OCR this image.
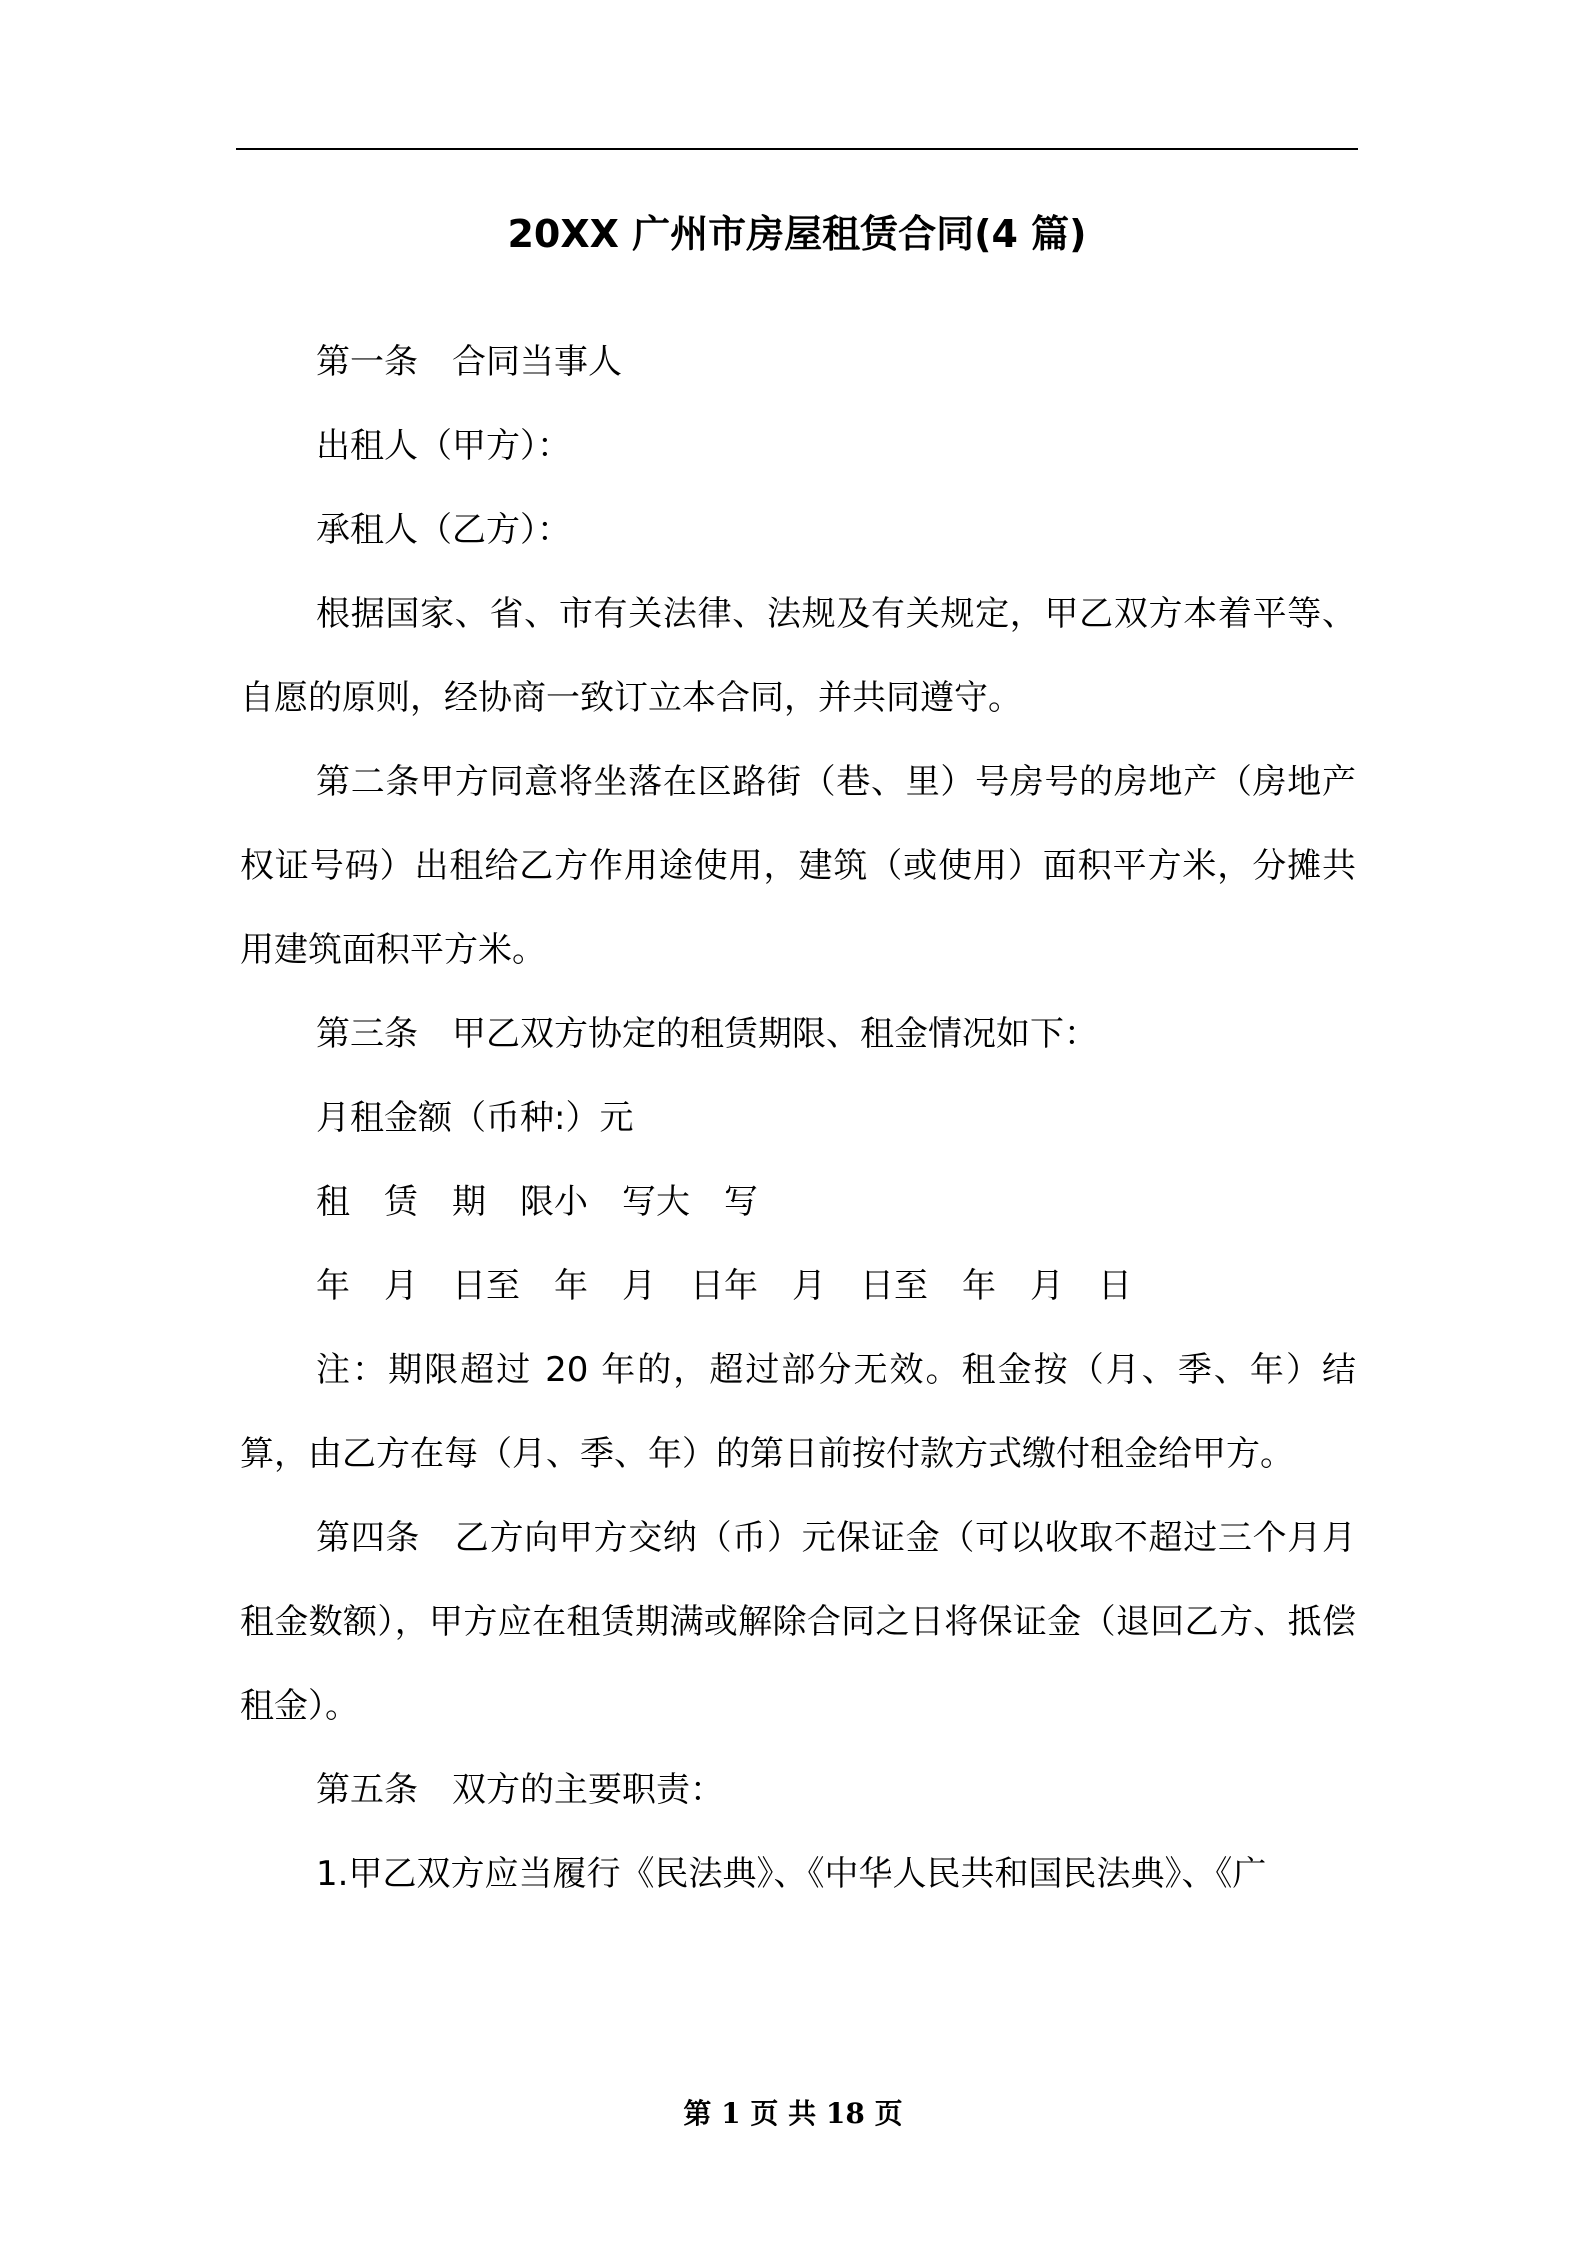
20XX 广州市房屋租赁合同(4 篇)

第一条　合同当事人

出租人（甲方）：

承租人（乙方）：

根据国家、省、市有关法律、法规及有关规定，甲乙双方本着平等、自愿的原则，经协商一致订立本合同，并共同遵守。

第二条甲方同意将坐落在区路街（巷、里）号房号的房地产（房地产权证号码）出租给乙方作用途使用，建筑（或使用）面积平方米，分摊共用建筑面积平方米。

第三条　甲乙双方协定的租赁期限、租金情况如下：

月租金额（币种:）元

租　赁　期　限小　写大　写

年　月　日至　年　月　日年　月　日至　年　月　日

注：期限超过 20 年的，超过部分无效。租金按（月、季、年）结算，由乙方在每（月、季、年）的第日前按付款方式缴付租金给甲方。

第四条　乙方向甲方交纳（币）元保证金（可以收取不超过三个月月租金数额），甲方应在租赁期满或解除合同之日将保证金（退回乙方、抵偿租金）。

第五条　双方的主要职责：

1.甲乙双方应当履行《民法典》、《中华人民共和国民法典》、《广

第 1 页 共 18 页
